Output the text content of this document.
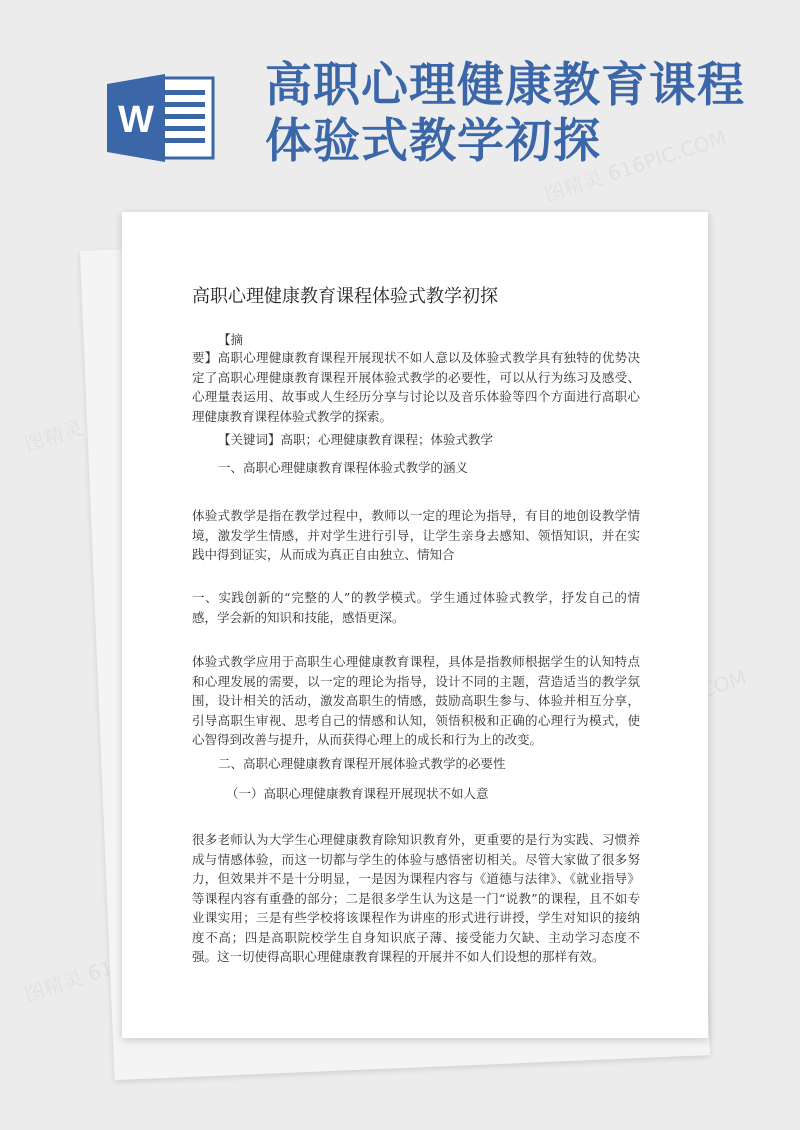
W
高职心理健康教育课程体验式教学初探
图精灵 616PIC.COM
图精灵
图精灵
高职心理健康教育课程体验式教学初探
【摘
要】高职心理健康教育课程开展现状不如人意以及体验式教学具有独特的优势决定了高职心理健康教育课程开展体验式教学的必要性，可以从行为练习及感受、心理量表运用、故事或人生经历分享与讨论以及音乐体验等四个方面进行高职心理健康教育课程体验式教学的探索。
【关键词】高职；心理健康教育课程；体验式教学
一、高职心理健康教育课程体验式教学的涵义
体验式教学是指在教学过程中，教师以一定的理论为指导，有目的地创设教学情境，激发学生情感，并对学生进行引导，让学生亲身去感知、领悟知识，并在实践中得到证实，从而成为真正自由独立、情知合
一、实践创新的“完整的人”的教学模式。学生通过体验式教学，抒发自己的情感，学会新的知识和技能，感悟更深。
体验式教学应用于高职生心理健康教育课程，具体是指教师根据学生的认知特点和心理发展的需要，以一定的理论为指导，设计不同的主题，营造适当的教学氛围，设计相关的活动，激发高职生的情感，鼓励高职生参与、体验并相互分享，引导高职生审视、思考自己的情感和认知，领悟积极和正确的心理行为模式，使心智得到改善与提升，从而获得心理上的成长和行为上的改变。
二、高职心理健康教育课程开展体验式教学的必要性
（一）高职心理健康教育课程开展现状不如人意
很多老师认为大学生心理健康教育除知识教育外，更重要的是行为实践、习惯养成与情感体验，而这一切都与学生的体验与感悟密切相关。尽管大家做了很多努力，但效果并不是十分明显，一是因为课程内容与《道德与法律》、《就业指导》等课程内容有重叠的部分；二是很多学生认为这是一门“说教”的课程，且不如专业课实用；三是有些学校将该课程作为讲座的形式进行讲授，学生对知识的接纳度不高；四是高职院校学生自身知识底子薄、接受能力欠缺、主动学习态度不强。这一切使得高职心理健康教育课程的开展并不如人们设想的那样有效。
